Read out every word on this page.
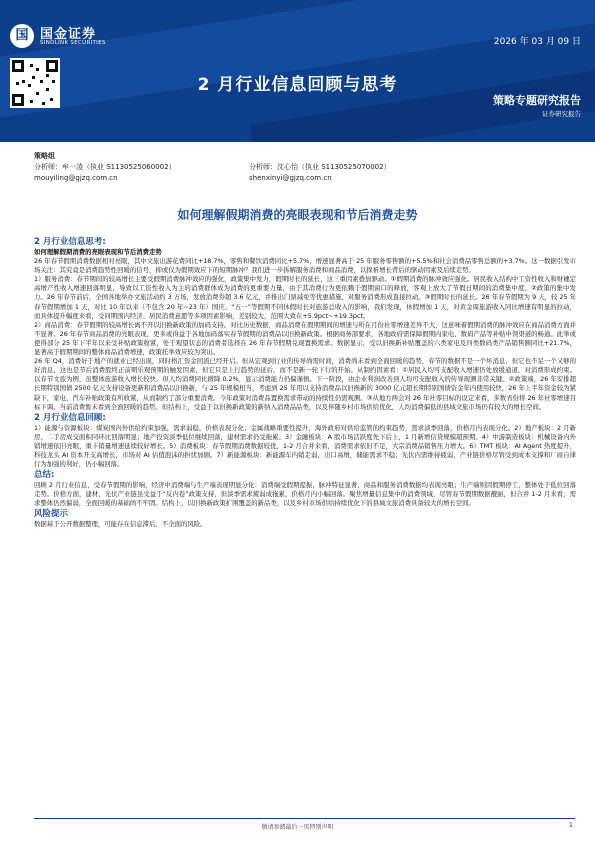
国 国金证券
SINOLINK SECURITIES	2026 年 03 月 09 日
2 月行业信息回顾与思考
策略专题研究报告
证券研究报告
策略组
分析师：牟一凌（执业 S1130525060002）	分析师：沈心怡（执业 S1130525070002）
mouyiling@gjzq.com.cn	shenxinyi@gjzq.com.cn
如何理解假期消费的亮眼表现和节后消费走势
2 月行业信息思考:
如何理解假期消费的亮眼表现和节后消费走势

26 年春节假期消费数据相对亮眼，其中文旅出游花费同比+18.7%，零售和餐饮消费同比+5.7%，增速显著高于 25 年服务零售额的+5.5%和社会消费品零售总额的+3.7%。这一数据引发市场关注：其究竟是消费趋势性回暖的信号，抑或仅为假期效应下的短期脉冲？我们进一步拆解服务消费和商品消费，以探析增长背后的驱动因素及后续走势。

1）服务消费：春节期间的较高增长主要受假期消费脉冲效应的强化，政策集中发力，假期时长的延长，这三重因素叠加驱动。①假期消费的脉冲效应强化。居民收入结构中工资性收入和财穗定高增产性收入增速回落明显，导致以工资性收入为主的消费群体成为消费的更重要力量，由于其消费行为更依赖于假期窗口的释放，客观上放大了节假日期间的消费集中度。②政策的集中发力。26 年春节前后，全国各地举办文旅活动约 3 万场，发放消费券超 3.6 亿元，并推出门票减免等优惠措施，对服务消费形成直接拉动。③假期时长的延长。26 年春节假期为 9 天，较 25 年春节假期增加 1 天，对比 10 年以来（不包含 20 年~23 年）国庆、“五一”等假期不同休假时长对旅游总收入的影响，我们发现，休假增加 1 天，对黄金周旅游收入同比增速有明显的拉动，而具体提升幅度来看，受同期国内经济、居民消费意愿等多项因素影响，差别较大，范围大致在+5.9pct~+19.3pct。

2）商品消费：春节假期的较高增长离不开以旧换新政策的加码支持。对比历史数据，商品消费在假期期间的增速与所在月份社零增速差异不大，这意味着假期消费的脉冲效应在商品消费方面并不显著。26 年春节商品消费的亮眼表现，更多或得益于各地加码落实春节假期的消费品以旧换新政策。根据商务部要求，各地政府需保障假期内家电、数码产品等补贴申领渠道的畅通。此举或使得部分 25 年下半年以来受补贴政策收紧，处于观望状态的消费者选择在 26 年春节假期兑现置换需求。数据显示，受以旧换新补贴覆盖的六类家电及四类数码类产品销售额同比+21.7%，显著高于假期期间的整体商品消费增速，政策托举效应较为突出。

26 年 Q4，消费好于地产的就业已经出现，同时格汇资金回流已经开启。但从宏观到行业的传导尚需时间，消费尚未看到全面回暖的趋势，春节的数据不是一个坏消息，但它也不足一个又够的好消息，这也是节后消费股终正前期乐观预期的触发因素，但它只是上行趋势的延后，而不是新一轮下行的开始。从制约因素看：①居民入均可支配收入增速仍处放缓通道，对消费形成约束。以春节文旅为例，虽整体旅游收入增长较快，但人均消费同比微降 0.2%，显示消费能力仍偏谨慎。下一阶段，由企业利润改善到人均可支配收入的传导现测非常关键。②政策端，26 年安排超长期特别国债 2500 亿元支持设备更新和消费品以旧换新，与 25 年规模相当，考虑到 25 年用以支持消费品以旧换新的 3000 亿元超长期特别国债资金年内使用较快，26 年上半年资金较为紧缺下，家电、汽车补贴政策有所收紧，从而制约了部分重要消费。今年政策对消费品置换需求带动的持续性仍需观测。③从地方两会对 26 年社零目标的设定来看，多数省份将 26 年社零增速目标下调。当前消费暂未看到全面回暖的趋势。但结构上，受益于以旧换新政策的新纳入消费品品类，以及伴随乡村市场供给优化，人均消费偏低的县域文旅市场仍有较大的增长空间。

2 月行业信息回顾:

1）能源与资源板块：煤炭国内外供给约束加强，需求弱稳，价格表现分化；金属战略重要性提升，海外政府对供给监管的约束趋势，需求淡季回落，价格月内表现分化。2）地产板块：2 月新房、二手房成交面积同环比回落明显；地产投资淡季低位继续回落，建材需求仍受拖累。3）金融板块：A 股市场活跃度先下后上，1 月新增信贷规模超预期。4）中游制造板块：机械设备内外销增速依旧亮眼，重卡销量增速延续较好增长。5）消费板块：春节假期消费数据较优，1-2 月合并来看，消费需求依旧不足，大宗消费品销售压力增大。6）TMT 板块：AI Agent 热度提升，科技龙头 AI 资本开支高增长，市场对 AI 估值泡沫的担忧加剧。7）新能源板块：新能源车内销走弱，出口高增，储能需求不稳；光伏内需维持疲弱，产业链价格尽管受到成本支撑和厂商自律行为加强的利好，仍小幅回落。

总结:

回顾 2 月行业信息，受春节假期的影响，经济中消费端与生产端表现明显分化：消费端受假期提振，脉冲特征显著，商品和服务消费数据均表现亮眼；生产端则因假期停工，整体处于低位回落走势。价格方面，建材、光伏产业链虽受益于“反内卷”政策支持，但淡季需求疲弱成拖累，价格月内小幅回落。聚焦增量信息集中的消费领域，尽管春节假期数据靓丽，但合并 1-2 月来看，需求整体仍然偏弱，全面回暖的基础尚不牢固。结构上，以旧换新政策扩围覆盖的新品类，以及乡村市场供给持续优化下的县域文旅消费具备较大的增长空间。

风险提示

数据基于公开数据整理，可能存在信息滞后、不全面的风险。

敬请参阅最后一页特别声明	1
